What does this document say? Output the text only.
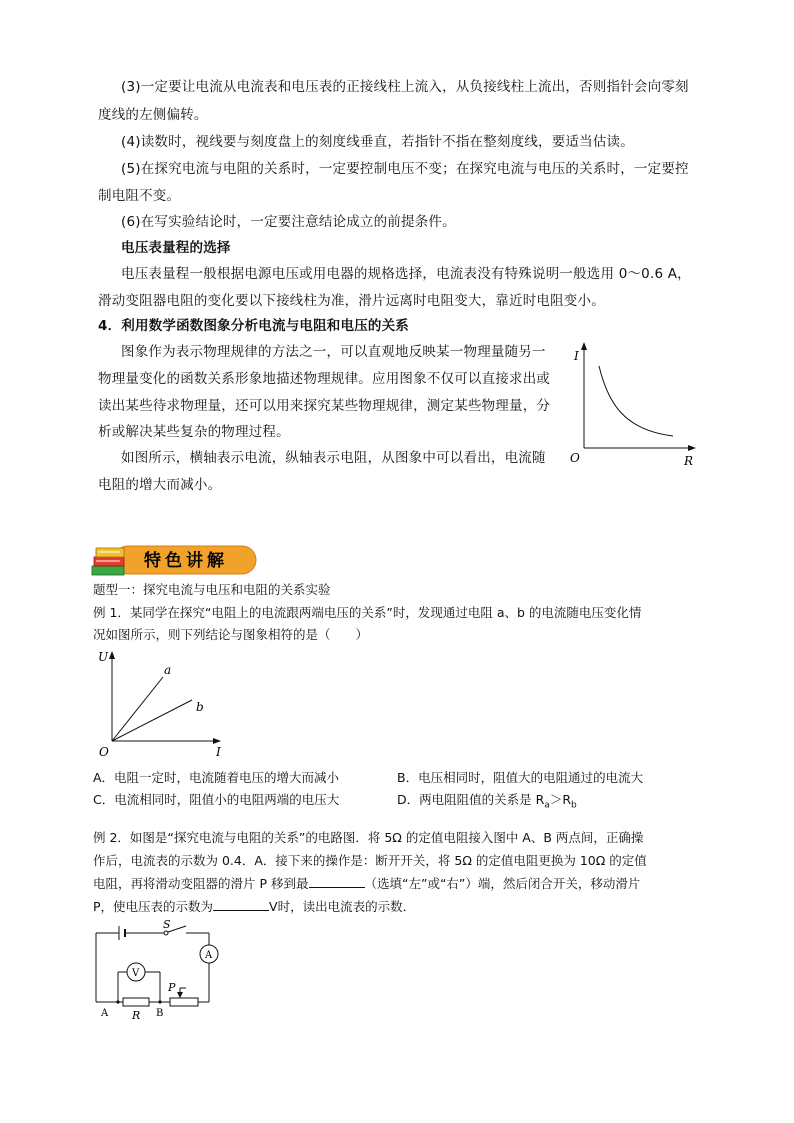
(3)一定要让电流从电流表和电压表的正接线柱上流入，从负接线柱上流出，否则指针会向零刻

度线的左侧偏转。

(4)读数时，视线要与刻度盘上的刻度线垂直，若指针不指在整刻度线，要适当估读。

(5)在探究电流与电阻的关系时，一定要控制电压不变；在探究电流与电压的关系时，一定要控

制电阻不变。

(6)在写实验结论时，一定要注意结论成立的前提条件。

电压表量程的选择

电压表量程一般根据电源电压或用电器的规格选择，电流表没有特殊说明一般选用 0～0.6 A，

滑动变阻器电阻的变化要以下接线柱为准，滑片远离时电阻变大，靠近时电阻变小。

4．利用数学函数图象分析电流与电阻和电压的关系

图象作为表示物理规律的方法之一，可以直观地反映某一物理量随另一

物理量变化的函数关系形象地描述物理规律。应用图象不仅可以直接求出或

读出某些待求物理量，还可以用来探究某些物理规律，测定某些物理量，分

析或解决某些复杂的物理过程。

如图所示，横轴表示电流，纵轴表示电阻，从图象中可以看出，电流随

电阻的增大而减小。

I
R
O
特色讲解

题型一：探究电流与电压和电阻的关系实验

例 1．某同学在探究“电阻上的电流跟两端电压的关系”时，发现通过电阻 a、b 的电流随电压变化情

况如图所示，则下列结论与图象相符的是（　　）

U
I
O
a
b

A．电阻一定时，电流随着电压的增大而减小	B．电压相同时，阻值大的电阻通过的电流大

C．电流相同时，阻值小的电阻两端的电压大	D．两电阻阻值的关系是 $R_a>R_b$

例 2．如图是“探究电流与电阻的关系”的电路图．将 5Ω 的定值电阻接入图中 A、B 两点间，正确操

作后，电流表的示数为 0.4．A．接下来的操作是：断开开关，将 5Ω 的定值电阻更换为 10Ω 的定值

电阻，再将滑动变阻器的滑片 P 移到最	（选填“左”或“右”）端，然后闭合开关，移动滑片

P，使电压表的示数为	V时，读出电流表的示数．

S
A
V
P
A	B
R
